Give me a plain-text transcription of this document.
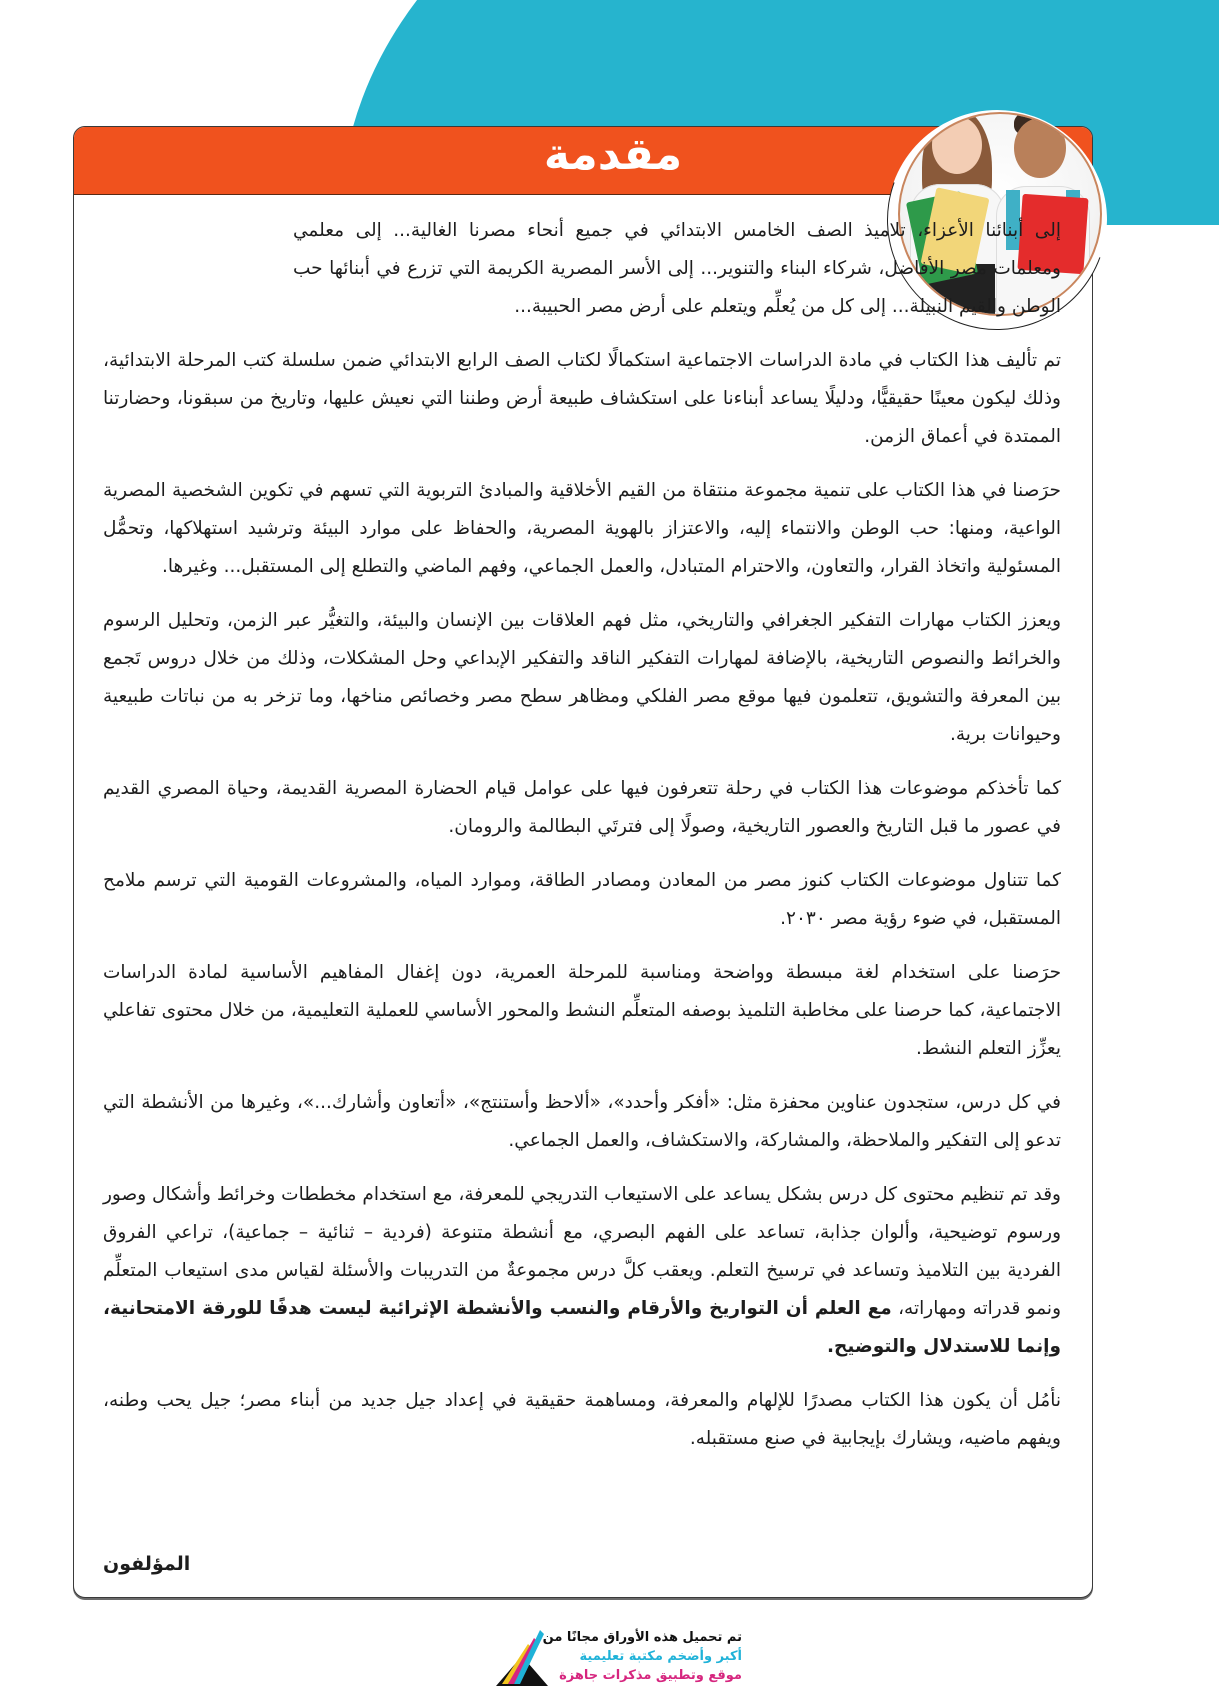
مقدمة

إلى أبنائنا الأعزاء، تلاميذ الصف الخامس الابتدائي في جميع أنحاء مصرنا الغالية... إلى معلمي ومعلمات مصر الأفاضل، شركاء البناء والتنوير... إلى الأسر المصرية الكريمة التي تزرع في أبنائها حب الوطن والقيم النبيلة... إلى كل من يُعلِّم ويتعلم على أرض مصر الحبيبة...

تم تأليف هذا الكتاب في مادة الدراسات الاجتماعية استكمالًا لكتاب الصف الرابع الابتدائي ضمن سلسلة كتب المرحلة الابتدائية، وذلك ليكون معينًا حقيقيًّا، ودليلًا يساعد أبناءنا على استكشاف طبيعة أرض وطننا التي نعيش عليها، وتاريخ من سبقونا، وحضارتنا الممتدة في أعماق الزمن.

حرَصنا في هذا الكتاب على تنمية مجموعة منتقاة من القيم الأخلاقية والمبادئ التربوية التي تسهم في تكوين الشخصية المصرية الواعية، ومنها: حب الوطن والانتماء إليه، والاعتزاز بالهوية المصرية، والحفاظ على موارد البيئة وترشيد استهلاكها، وتحمُّل المسئولية واتخاذ القرار، والتعاون، والاحترام المتبادل، والعمل الجماعي، وفهم الماضي والتطلع إلى المستقبل... وغيرها.

ويعزز الكتاب مهارات التفكير الجغرافي والتاريخي، مثل فهم العلاقات بين الإنسان والبيئة، والتغيُّر عبر الزمن، وتحليل الرسوم والخرائط والنصوص التاريخية، بالإضافة لمهارات التفكير الناقد والتفكير الإبداعي وحل المشكلات، وذلك من خلال دروس تَجمع بين المعرفة والتشويق، تتعلمون فيها موقع مصر الفلكي ومظاهر سطح مصر وخصائص مناخها، وما تزخر به من نباتات طبيعية وحيوانات برية.

كما تأخذكم موضوعات هذا الكتاب في رحلة تتعرفون فيها على عوامل قيام الحضارة المصرية القديمة، وحياة المصري القديم في عصور ما قبل التاريخ والعصور التاريخية، وصولًا إلى فترتَي البطالمة والرومان.

كما تتناول موضوعات الكتاب كنوز مصر من المعادن ومصادر الطاقة، وموارد المياه، والمشروعات القومية التي ترسم ملامح المستقبل، في ضوء رؤية مصر ٢٠٣٠.

حرَصنا على استخدام لغة مبسطة وواضحة ومناسبة للمرحلة العمرية، دون إغفال المفاهيم الأساسية لمادة الدراسات الاجتماعية، كما حرصنا على مخاطبة التلميذ بوصفه المتعلِّم النشط والمحور الأساسي للعملية التعليمية، من خلال محتوى تفاعلي يعزِّز التعلم النشط.

في كل درس، ستجدون عناوين محفزة مثل: «أفكر وأحدد»، «ألاحظ وأستنتج»، «أتعاون وأشارك...»، وغيرها من الأنشطة التي تدعو إلى التفكير والملاحظة، والمشاركة، والاستكشاف، والعمل الجماعي.

وقد تم تنظيم محتوى كل درس بشكل يساعد على الاستيعاب التدريجي للمعرفة، مع استخدام مخططات وخرائط وأشكال وصور ورسوم توضيحية، وألوان جذابة، تساعد على الفهم البصري، مع أنشطة متنوعة (فردية – ثنائية – جماعية)، تراعي الفروق الفردية بين التلاميذ وتساعد في ترسيخ التعلم. ويعقب كلَّ درس مجموعةٌ من التدريبات والأسئلة لقياس مدى استيعاب المتعلِّم ونمو قدراته ومهاراته، مع العلم أن التواريخ والأرقام والنسب والأنشطة الإثرائية ليست هدفًا للورقة الامتحانية، وإنما للاستدلال والتوضيح.

نأمُل أن يكون هذا الكتاب مصدرًا للإلهام والمعرفة، ومساهمة حقيقية في إعداد جيل جديد من أبناء مصر؛ جيل يحب وطنه، ويفهم ماضيه، ويشارك بإيجابية في صنع مستقبله.

المؤلفون
تم تحميل هذه الأوراق مجانًا من
أكبر وأضخم مكتبة تعليمية
موقع وتطبيق مذكرات جاهزة
